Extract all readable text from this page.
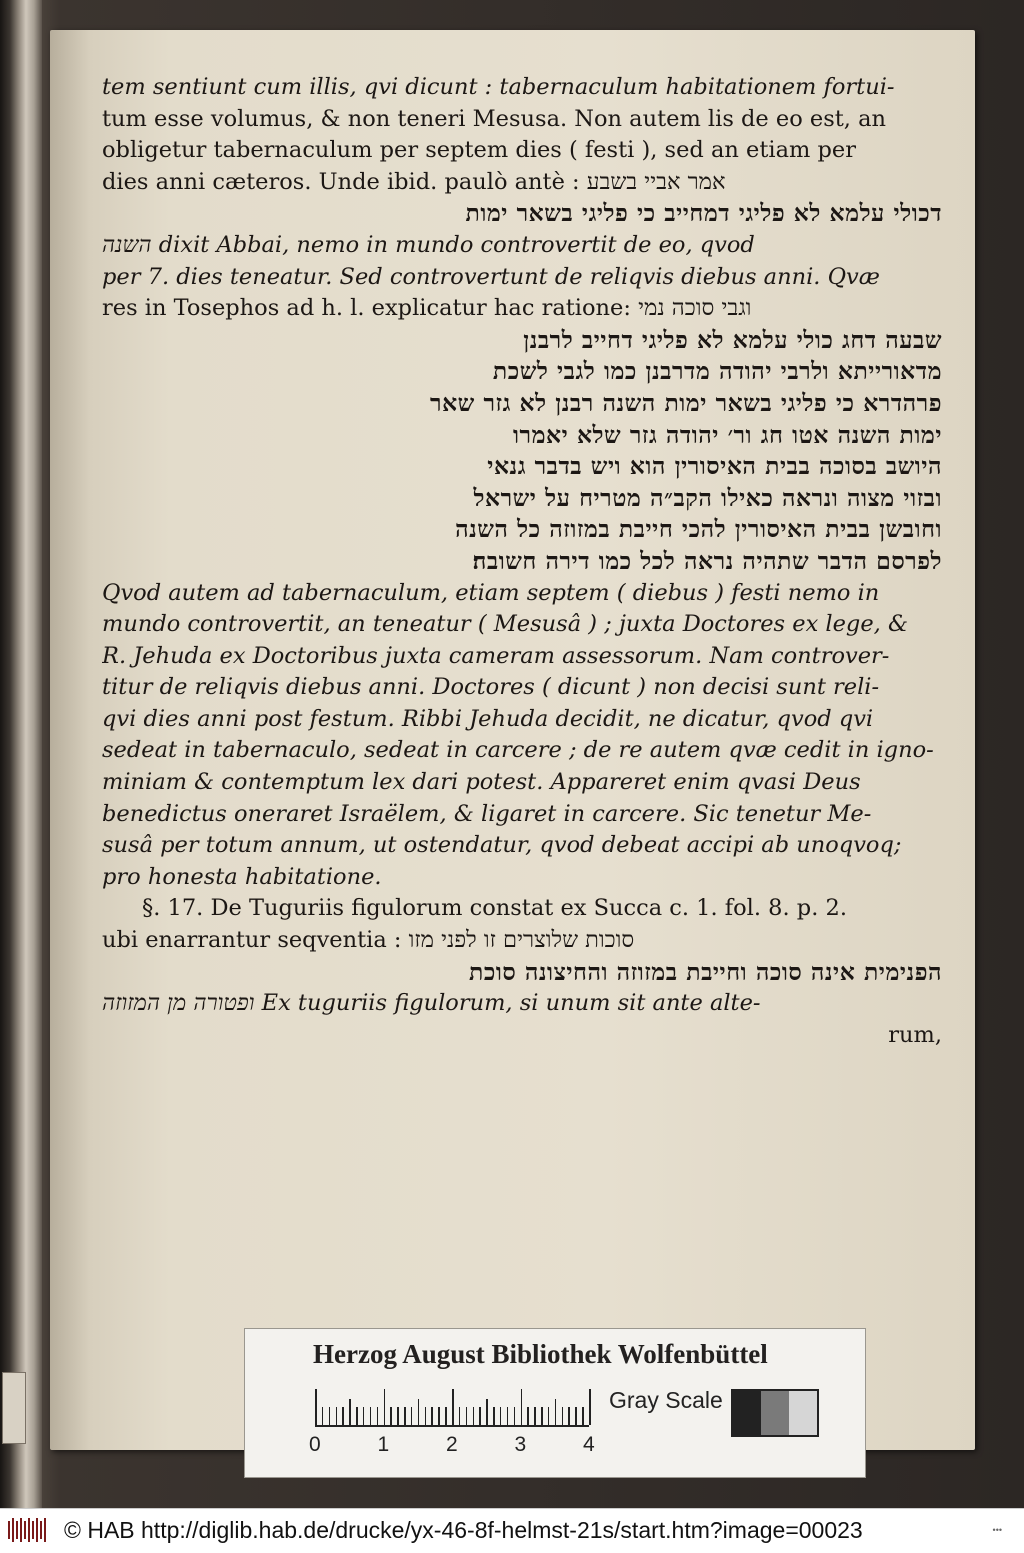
tem sentiunt cum illis, qvi dicunt : tabernaculum habitationem fortui-
tum esse volumus, & non teneri Mesusa. Non autem lis de eo est, an
obligetur tabernaculum per septem dies ( festi ), sed an etiam per
dies anni cæteros. Unde ibid. paulò antè : אמר אביי בשבע
דכולי עלמא לא פליגי דמחייב כי פליגי בשאר ימות
השנה dixit Abbai, nemo in mundo controvertit de eo, qvod
per 7. dies teneatur. Sed controvertunt de reliqvis diebus anni. Qvæ
res in Tosephos ad h. l. explicatur hac ratione: וגבי סוכה נמי
שבעה דחג כולי עלמא לא פליגי דחייב לרבנן
מדאורייתא ולרבי יהודה מדרבנן כמו לגבי לשכת
פרהדרא כי פליגי בשאר ימות השנה רבנן לא גזר שאר
ימות השנה אטו חג ור׳ יהודה גזר שלא יאמרו
היושב בסוכה בבית האיסורין הוא ויש בדבר גנאי
ובזוי מצוה ונראה כאילו הקב״ה מטריח על ישראל
וחובשן בבית האיסורין להכי חייבת במזוזה כל השנה
לפרסם הדבר שתהיה נראה לכל כמו דירה חשובה׃
Qvod autem ad tabernaculum, etiam septem ( diebus ) festi nemo in
mundo controvertit, an teneatur ( Mesusâ ) ; juxta Doctores ex lege, &
R. Jehuda ex Doctoribus juxta cameram assessorum. Nam controver-
titur de reliqvis diebus anni. Doctores ( dicunt ) non decisi sunt reli-
qvi dies anni post festum. Ribbi Jehuda decidit, ne dicatur, qvod qvi
sedeat in tabernaculo, sedeat in carcere ; de re autem qvæ cedit in igno-
miniam & contemptum lex dari potest. Appareret enim qvasi Deus
benedictus oneraret Israëlem, & ligaret in carcere. Sic tenetur Me-
susâ per totum annum, ut ostendatur, qvod debeat accipi ab unoqvoq;
pro honesta habitatione.
§. 17. De Tuguriis figulorum constat ex Succa c. 1. fol. 8. p. 2.
ubi enarrantur seqventia : סוכות שלוצרים זו לפני מזו
הפנימית אינה סוכה וחייבת במזוזה והחיצונה סוכת
ופטורה מן המזוזה Ex tuguriis figulorum, si unum sit ante alte-
rum,
Herzog August Bibliothek Wolfenbüttel
0	1	2	3	4
Gray Scale
© HAB http://diglib.hab.de/drucke/yx-46-8f-helmst-21s/start.htm?image=00023	•••
